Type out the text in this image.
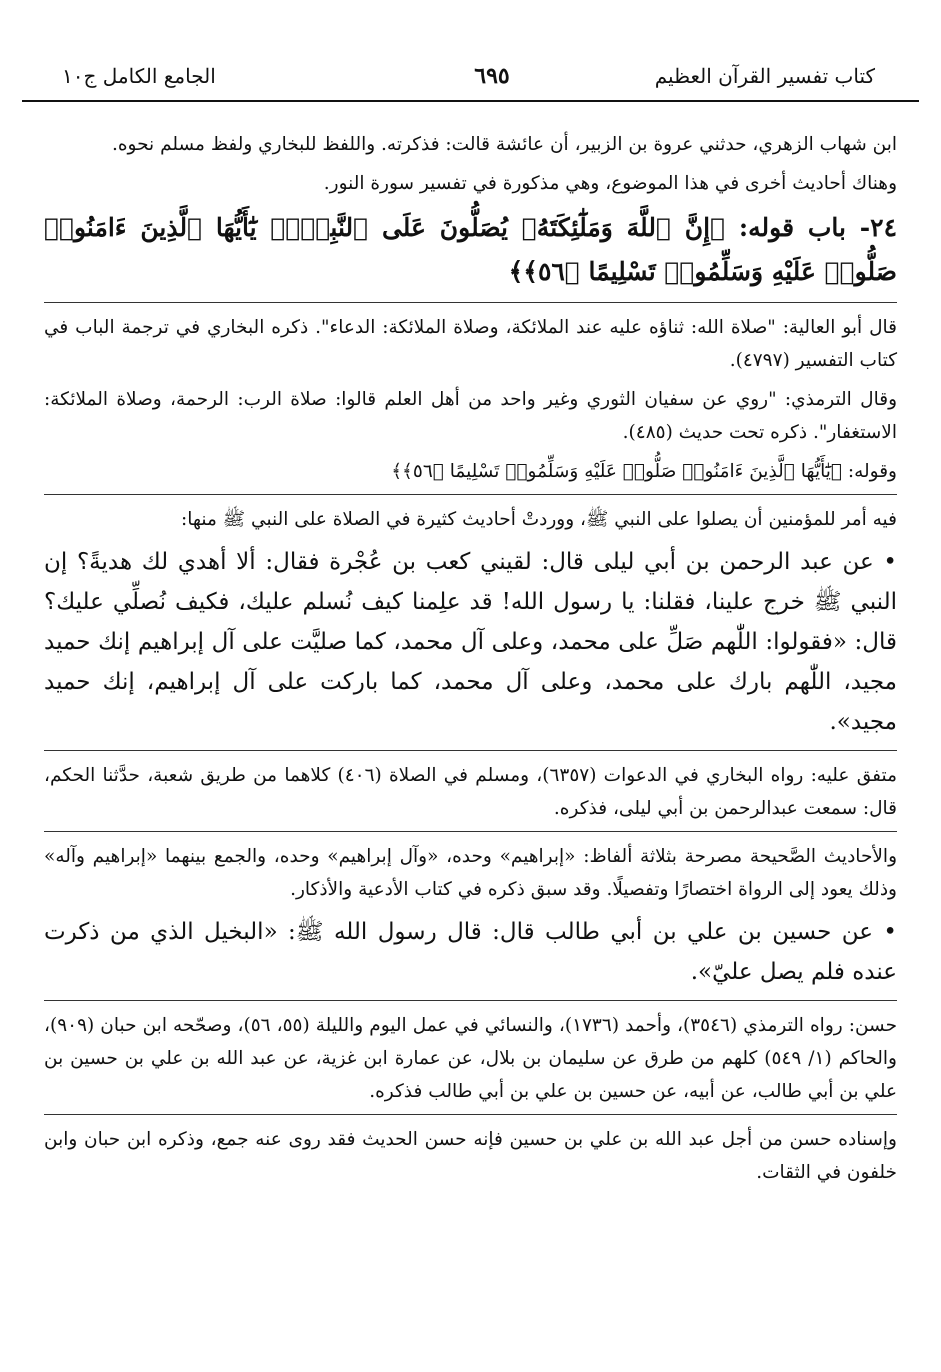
كتاب تفسير القرآن العظيم
٦٩٥
الجامع الكامل ج١٠

ابن شهاب الزهري، حدثني عروة بن الزبير، أن عائشة قالت: فذكرته. واللفظ للبخاري ولفظ مسلم نحوه.

وهناك أحاديث أخرى في هذا الموضوع، وهي مذكورة في تفسير سورة النور.

٢٤- باب قوله: ﴿إِنَّ ٱللَّهَ وَمَلَٰٓئِكَتَهُۥ يُصَلُّونَ عَلَى ٱلنَّبِيِّۚ يَٰٓأَيُّهَا ٱلَّذِينَ ءَامَنُوا۟ صَلُّوا۟ عَلَيْهِ وَسَلِّمُوا۟ تَسْلِيمًا ﴿٥٦﴾﴾

قال أبو العالية: "صلاة الله: ثناؤه عليه عند الملائكة، وصلاة الملائكة: الدعاء". ذكره البخاري في ترجمة الباب في كتاب التفسير (٤٧٩٧).

وقال الترمذي: "روي عن سفيان الثوري وغير واحد من أهل العلم قالوا: صلاة الرب: الرحمة، وصلاة الملائكة: الاستغفار". ذكره تحت حديث (٤٨٥).

وقوله: ﴿يَٰٓأَيُّهَا ٱلَّذِينَ ءَامَنُوا۟ صَلُّوا۟ عَلَيْهِ وَسَلِّمُوا۟ تَسْلِيمًا ﴿٥٦﴾﴾

فيه أمر للمؤمنين أن يصلوا على النبي ﷺ، ووردتْ أحاديث كثيرة في الصلاة على النبي ﷺ منها:

• عن عبد الرحمن بن أبي ليلى قال: لقيني كعب بن عُجْرة فقال: ألا أهدي لك هديةً؟ إن النبي ﷺ خرج علينا، فقلنا: يا رسول الله! قد علِمنا كيف نُسلم عليك، فكيف نُصلِّي عليك؟ قال: «فقولوا: اللّٰهم صَلِّ على محمد، وعلى آل محمد، كما صليَّت على آل إبراهيم إنك حميد مجيد، اللّٰهم بارك على محمد، وعلى آل محمد، كما باركت على آل إبراهيم، إنك حميد مجيد».

متفق عليه: رواه البخاري في الدعوات (٦٣٥٧)، ومسلم في الصلاة (٤٠٦) كلاهما من طريق شعبة، حدَّثنا الحكم، قال: سمعت عبدالرحمن بن أبي ليلى، فذكره.

والأحاديث الصَّحيحة مصرحة بثلاثة ألفاظ: «إبراهيم» وحده، «وآل إبراهيم» وحده، والجمع بينهما «إبراهيم وآله» وذلك يعود إلى الرواة اختصارًا وتفصيلًا. وقد سبق ذكره في كتاب الأدعية والأذكار.

• عن حسين بن علي بن أبي طالب قال: قال رسول الله ﷺ: «البخيل الذي من ذكرت عنده فلم يصل عليّ».

حسن: رواه الترمذي (٣٥٤٦)، وأحمد (١٧٣٦)، والنسائي في عمل اليوم والليلة (٥٥، ٥٦)، وصحّحه ابن حبان (٩٠٩)، والحاكم (١/ ٥٤٩) كلهم من طرق عن سليمان بن بلال، عن عمارة ابن غزية، عن عبد الله بن علي بن حسين بن علي بن أبي طالب، عن أبيه، عن حسين بن علي بن أبي طالب فذكره.

وإسناده حسن من أجل عبد الله بن علي بن حسين فإنه حسن الحديث فقد روى عنه جمع، وذكره ابن حبان وابن خلفون في الثقات.
